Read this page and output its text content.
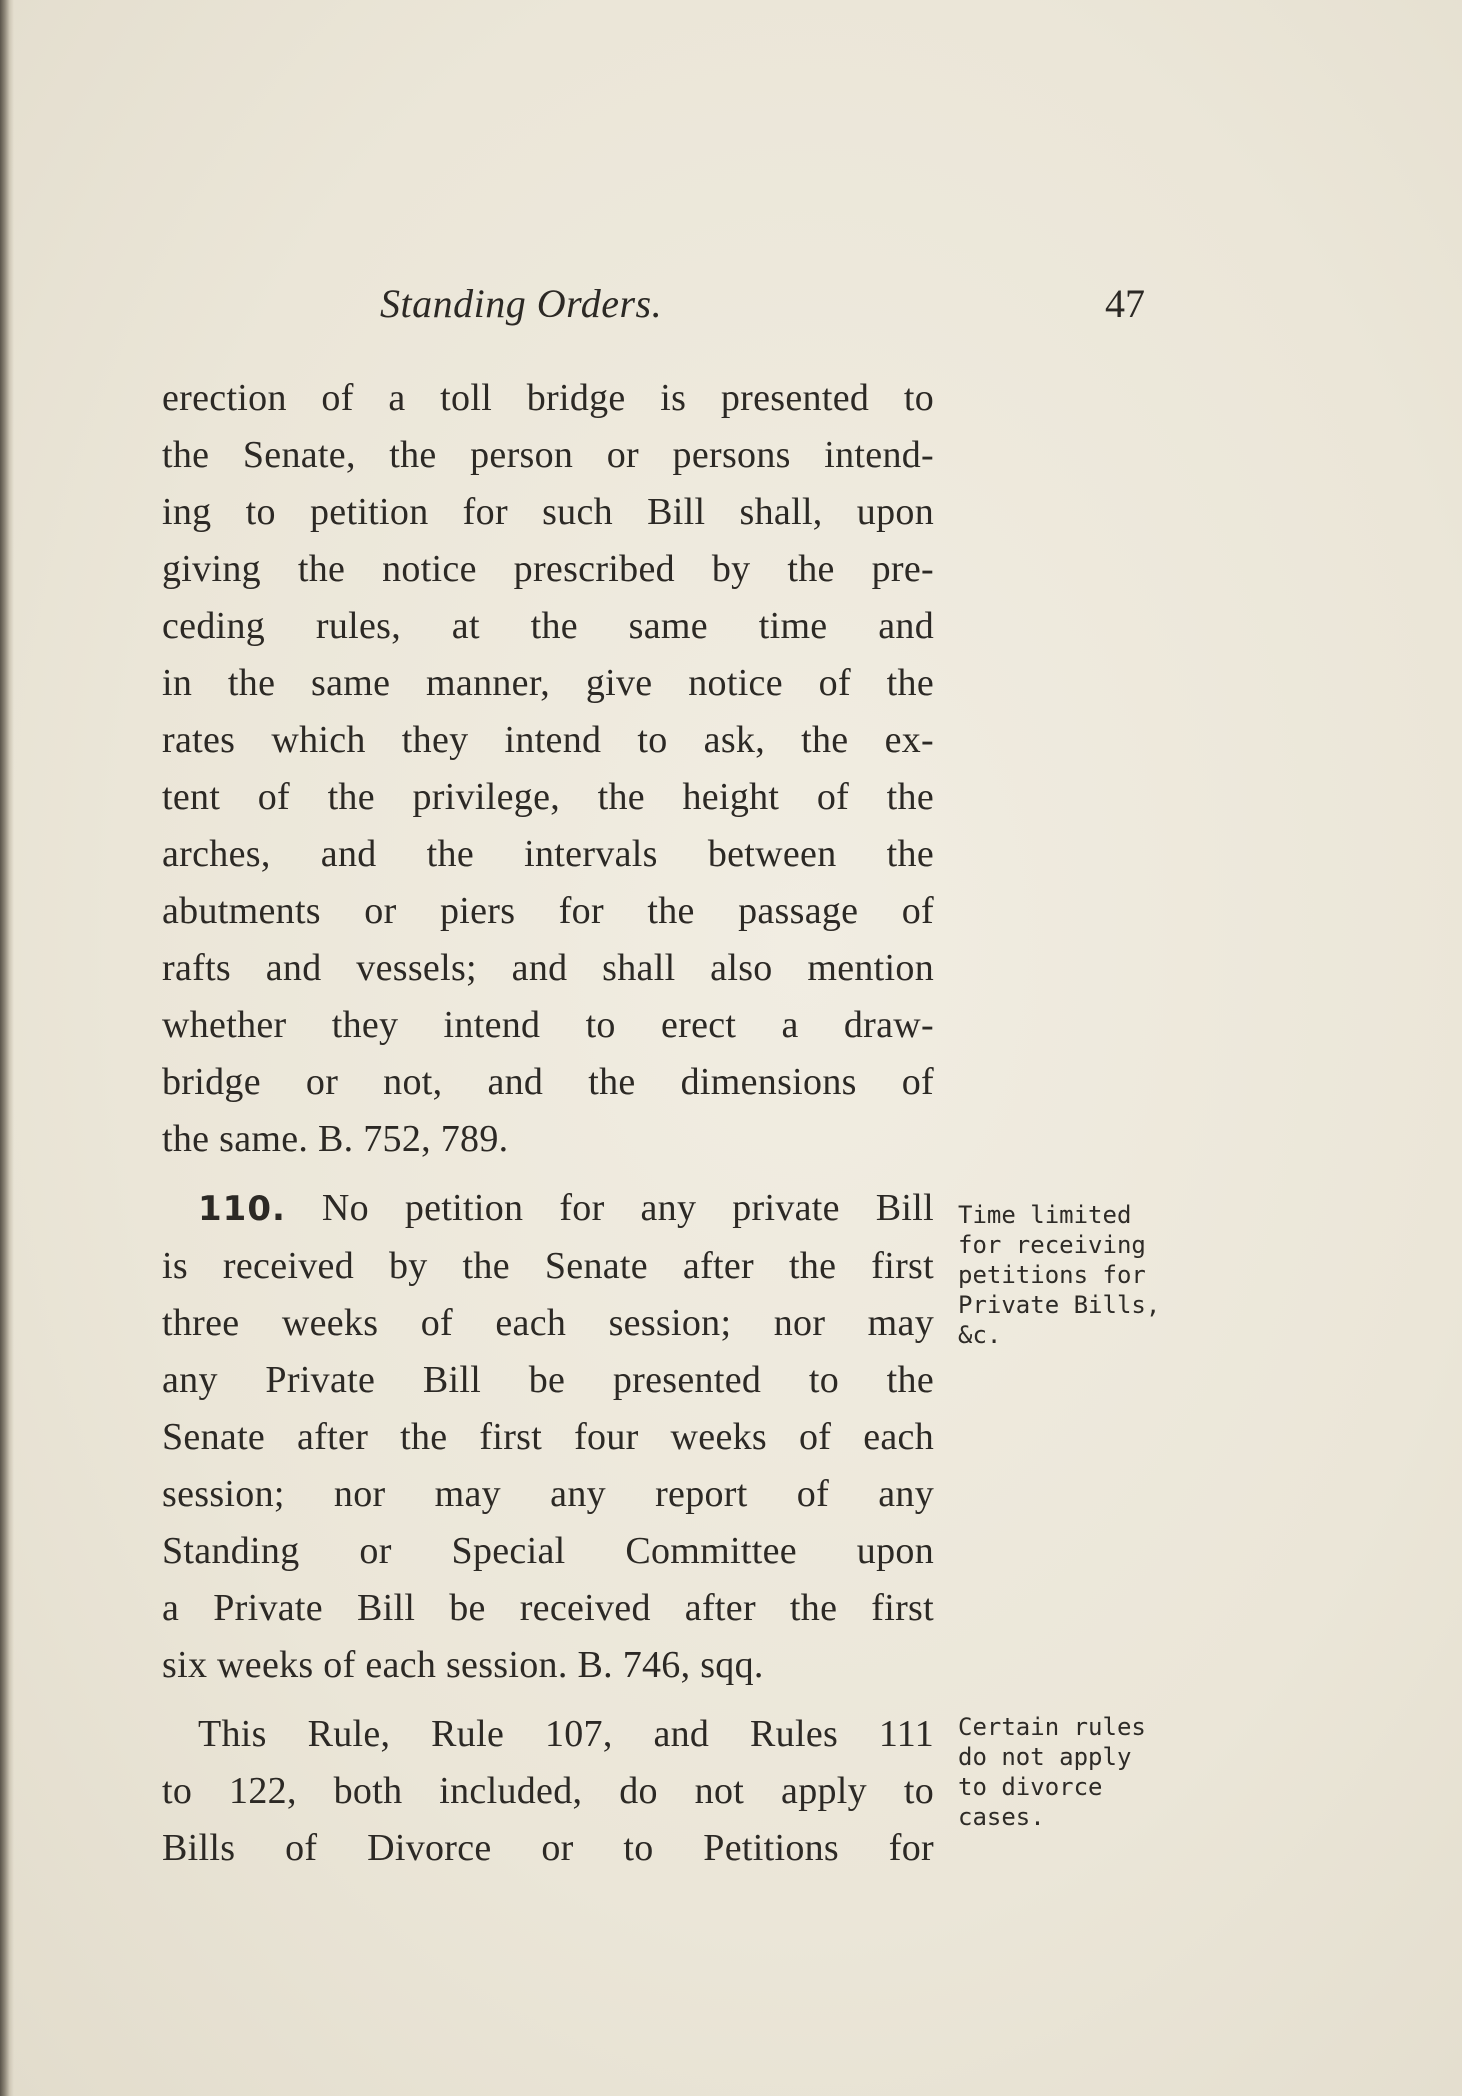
Standing Orders.	47

erection of a toll bridge is presented to
the Senate, the person or persons intend-
ing to petition for such Bill shall, upon
giving the notice prescribed by the pre-
ceding rules, at the same time and
in the same manner, give notice of the
rates which they intend to ask, the ex-
tent of the privilege, the height of the
arches, and the intervals between the
abutments or piers for the passage of
rafts and vessels; and shall also mention
whether they intend to erect a draw-
bridge or not, and the dimensions of
the same. B. 752, 789.

110. No petition for any private Bill
is received by the Senate after the first
three weeks of each session; nor may
any Private Bill be presented to the
Senate after the first four weeks of each
session; nor may any report of any
Standing or Special Committee upon
a Private Bill be received after the first
six weeks of each session. B. 746, sqq.

This Rule, Rule 107, and Rules 111
to 122, both included, do not apply to
Bills of Divorce or to Petitions for

Time limited
for receiving
petitions for
Private Bills,
&c.
Certain rules
do not apply
to divorce
cases.
